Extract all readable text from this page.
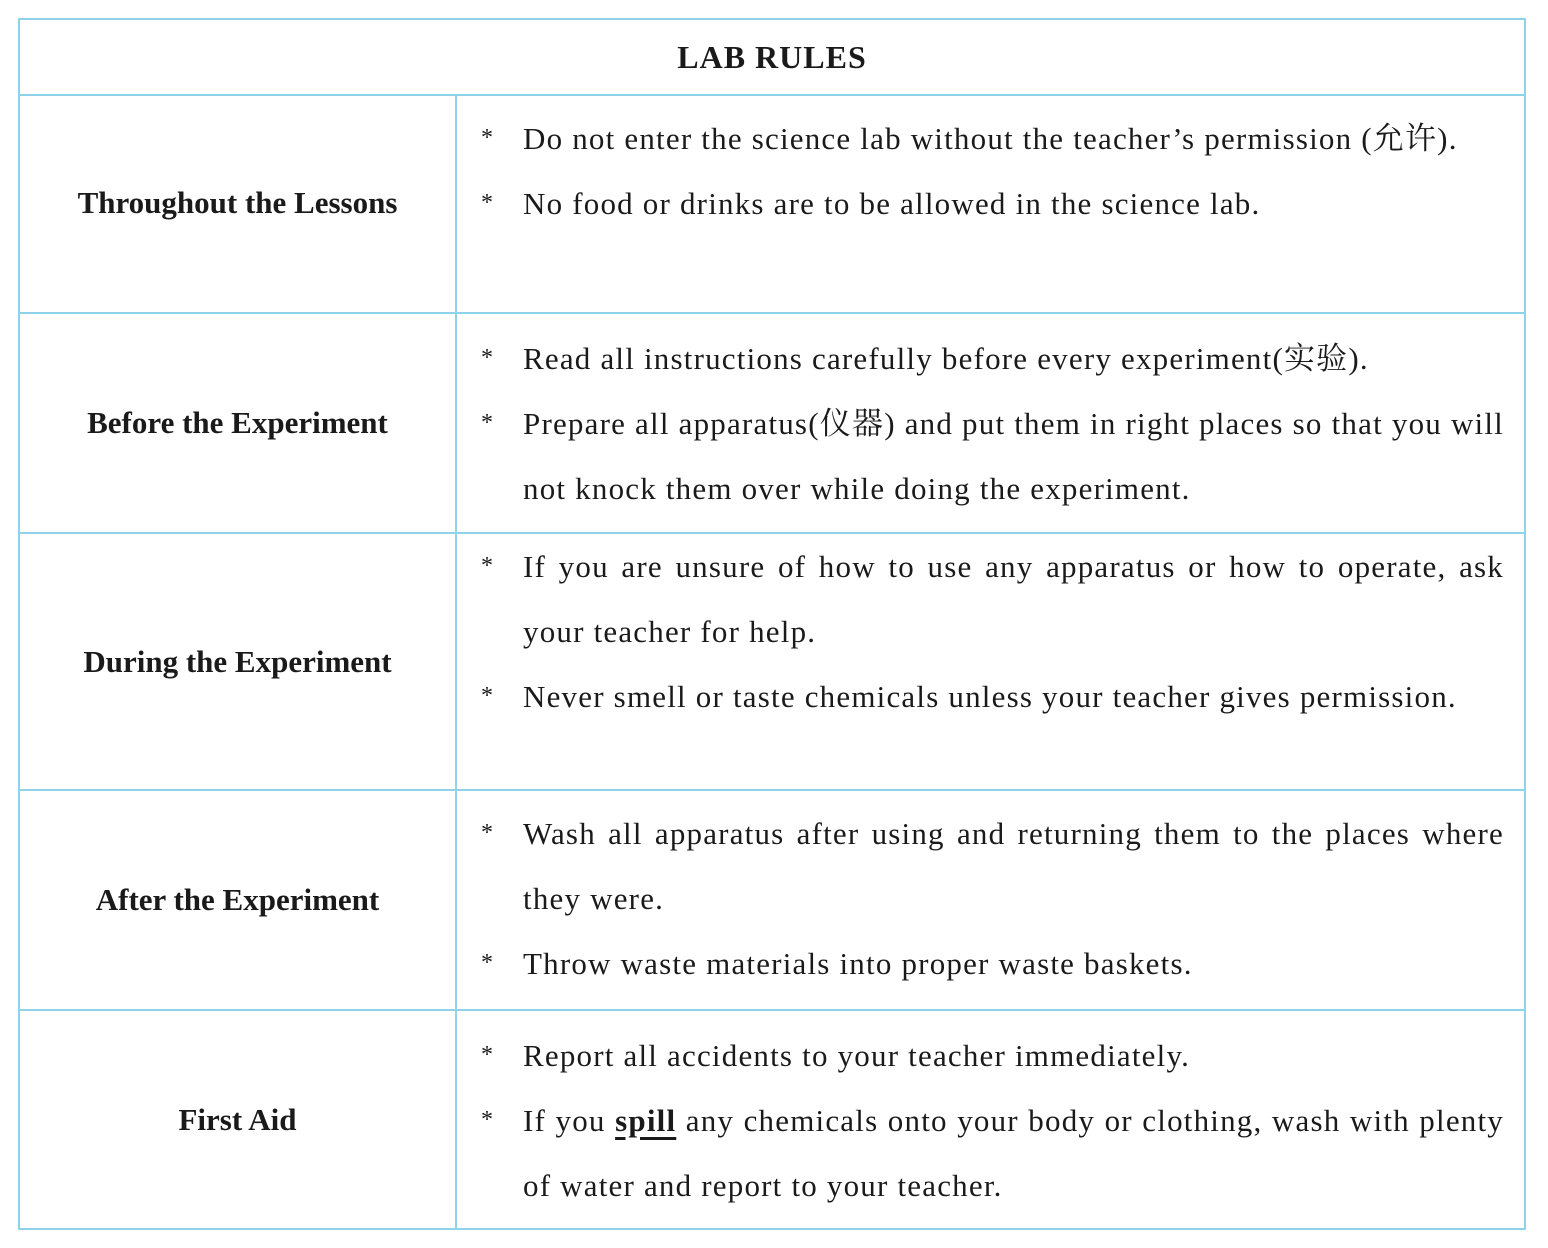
LAB RULES
Throughout the Lessons
* Do not enter the science lab without the teacher’s permission (允许).
* No food or drinks are to be allowed in the science lab.
Before the Experiment
* Read all instructions carefully before every experiment(实验).
* Prepare all apparatus(仪器) and put them in right places so that you will not knock them over while doing the experiment.
During the Experiment
* If you are unsure of how to use any apparatus or how to operate, ask your teacher for help.
* Never smell or taste chemicals unless your teacher gives permission.
After the Experiment
* Wash all apparatus after using and returning them to the places where they were.
* Throw waste materials into proper waste baskets.
First Aid
* Report all accidents to your teacher immediately.
* If you spill any chemicals onto your body or clothing, wash with plenty of water and report to your teacher.
